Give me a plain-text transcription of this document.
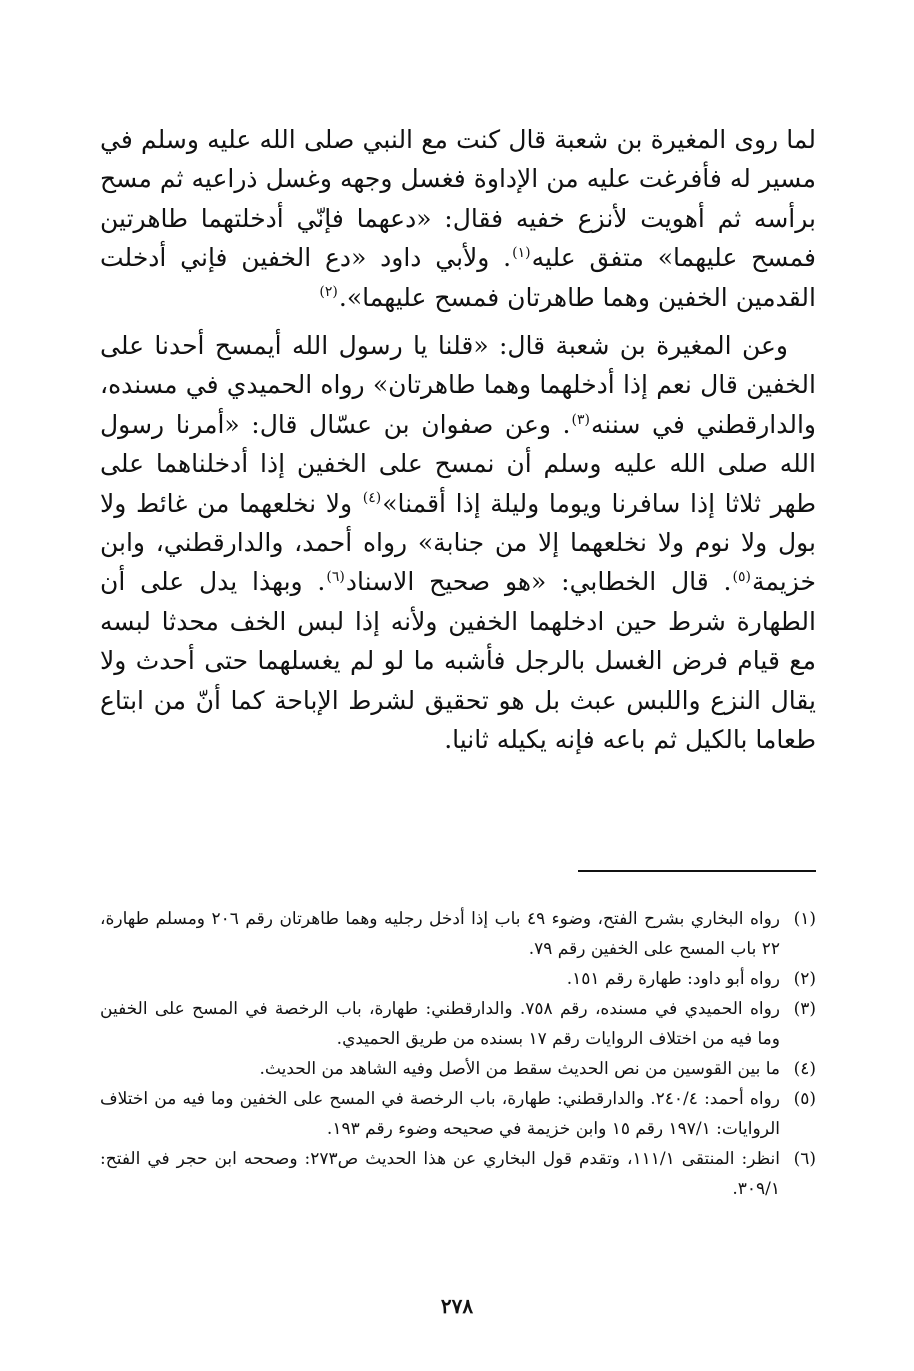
لما روى المغيرة بن شعبة قال كنت مع النبي صلى الله عليه وسلم في مسير له فأفرغت عليه من الإداوة فغسل وجهه وغسل ذراعيه ثم مسح برأسه ثم أهويت لأنزع خفيه فقال: «دعهما فإنّي أدخلتهما طاهرتين فمسح عليهما» متفق عليه$^{(١)}$. ولأبي داود «دع الخفين فإني أدخلت القدمين الخفين وهما طاهرتان فمسح عليهما».$^{(٢)}$

وعن المغيرة بن شعبة قال: «قلنا يا رسول الله أيمسح أحدنا على الخفين قال نعم إذا أدخلهما وهما طاهرتان» رواه الحميدي في مسنده، والدارقطني في سننه$^{(٣)}$. وعن صفوان بن عسّال قال: «أمرنا رسول الله صلى الله عليه وسلم أن نمسح على الخفين إذا أدخلناهما على طهر ثلاثا إذا سافرنا ويوما وليلة إذا أقمنا»$^{(٤)}$ ولا نخلعهما من غائط ولا بول ولا نوم ولا نخلعهما إلا من جنابة» رواه أحمد، والدارقطني، وابن خزيمة$^{(٥)}$. قال الخطابي: «هو صحيح الاسناد$^{(٦)}$. وبهذا يدل على أن الطهارة شرط حين ادخلهما الخفين ولأنه إذا لبس الخف محدثا لبسه مع قيام فرض الغسل بالرجل فأشبه ما لو لم يغسلهما حتى أحدث ولا يقال النزع واللبس عبث بل هو تحقيق لشرط الإباحة كما أنّ من ابتاع طعاما بالكيل ثم باعه فإنه يكيله ثانيا.

(١)
رواه البخاري بشرح الفتح، وضوء ٤٩ باب إذا أدخل رجليه وهما طاهرتان رقم ٢٠٦ ومسلم طهارة، ٢٢ باب المسح على الخفين رقم ٧٩.
(٢)
رواه أبو داود: طهارة رقم ١٥١.
(٣)
رواه الحميدي في مسنده، رقم ٧٥٨. والدارقطني: طهارة، باب الرخصة في المسح على الخفين وما فيه من اختلاف الروايات رقم ١٧ بسنده من طريق الحميدي.
(٤)
ما بين القوسين من نص الحديث سقط من الأصل وفيه الشاهد من الحديث.
(٥)
رواه أحمد: ٢٤٠/٤. والدارقطني: طهارة، باب الرخصة في المسح على الخفين وما فيه من اختلاف الروايات: ١٩٧/١ رقم ١٥ وابن خزيمة في صحيحه وضوء رقم ١٩٣.
(٦)
انظر: المنتقى ١١١/١، وتقدم قول البخاري عن هذا الحديث ص٢٧٣: وصححه ابن حجر في الفتح: ٣٠٩/١.
٢٧٨
